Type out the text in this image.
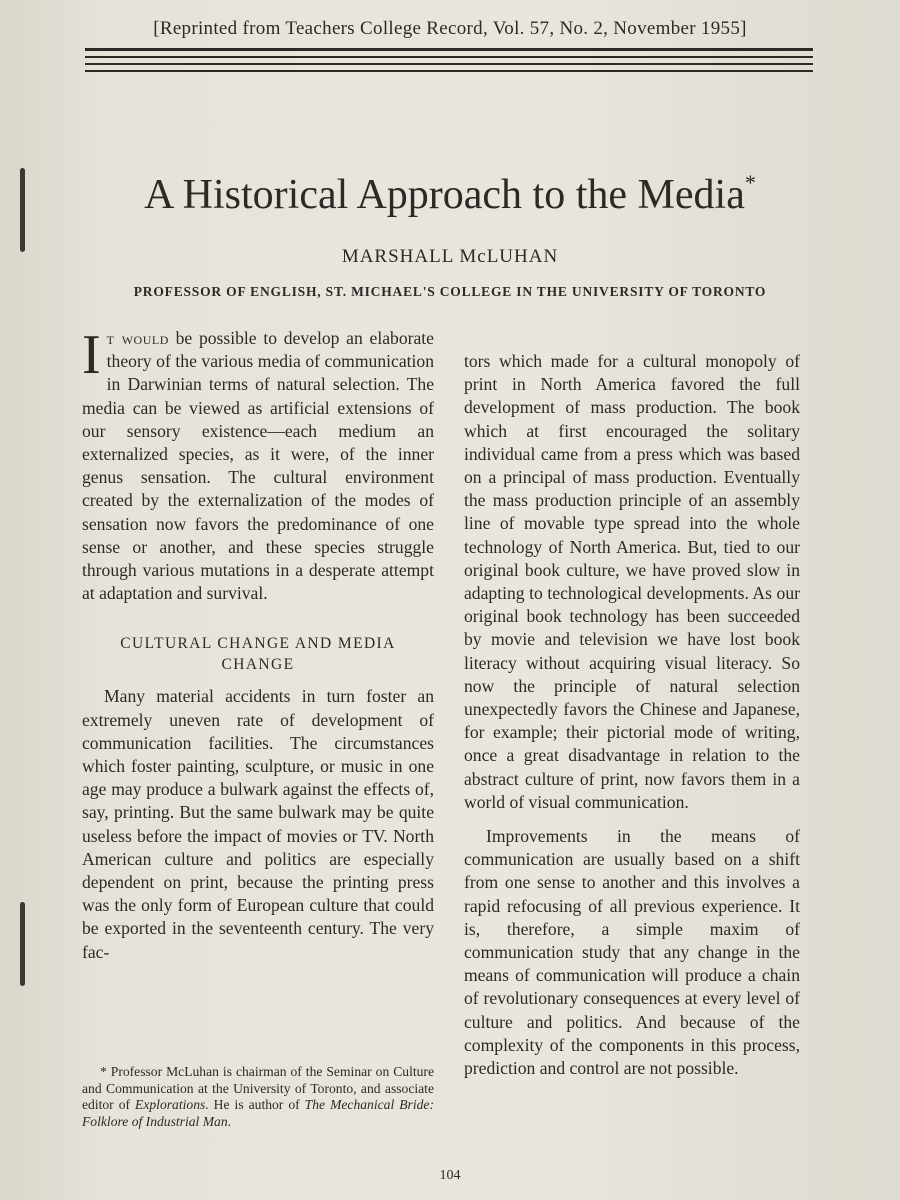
[Reprinted from Teachers College Record, Vol. 57, No. 2, November 1955]
A Historical Approach to the Media*
MARSHALL McLUHAN
PROFESSOR OF ENGLISH, ST. MICHAEL'S COLLEGE IN THE UNIVERSITY OF TORONTO

It would be possible to develop an elaborate theory of the various media of communication in Darwinian terms of natural selection. The media can be viewed as artificial extensions of our sensory existence—each medium an externalized species, as it were, of the inner genus sensation. The cultural environment created by the externalization of the modes of sensation now favors the predominance of one sense or another, and these species struggle through various mutations in a desperate attempt at adaptation and survival.

CULTURAL CHANGE AND MEDIA CHANGE

Many material accidents in turn foster an extremely uneven rate of development of communication facilities. The circumstances which foster painting, sculpture, or music in one age may produce a bulwark against the effects of, say, printing. But the same bulwark may be quite useless before the impact of movies or TV. North American culture and politics are especially dependent on print, because the printing press was the only form of European culture that could be exported in the seventeenth century. The very fac-

tors which made for a cultural monopoly of print in North America favored the full development of mass production. The book which at first encouraged the solitary individual came from a press which was based on a principal of mass production. Eventually the mass production principle of an assembly line of movable type spread into the whole technology of North America. But, tied to our original book culture, we have proved slow in adapting to technological developments. As our original book technology has been succeeded by movie and television we have lost book literacy without acquiring visual literacy. So now the principle of natural selection unexpectedly favors the Chinese and Japanese, for example; their pictorial mode of writing, once a great disadvantage in relation to the abstract culture of print, now favors them in a world of visual communication.

Improvements in the means of communication are usually based on a shift from one sense to another and this involves a rapid refocusing of all previous experience. It is, therefore, a simple maxim of communication study that any change in the means of communication will produce a chain of revolutionary consequences at every level of culture and politics. And because of the complexity of the components in this process, prediction and control are not possible.

* Professor McLuhan is chairman of the Seminar on Culture and Communication at the University of Toronto, and associate editor of Explorations. He is author of The Mechanical Bride: Folklore of Industrial Man.
104
